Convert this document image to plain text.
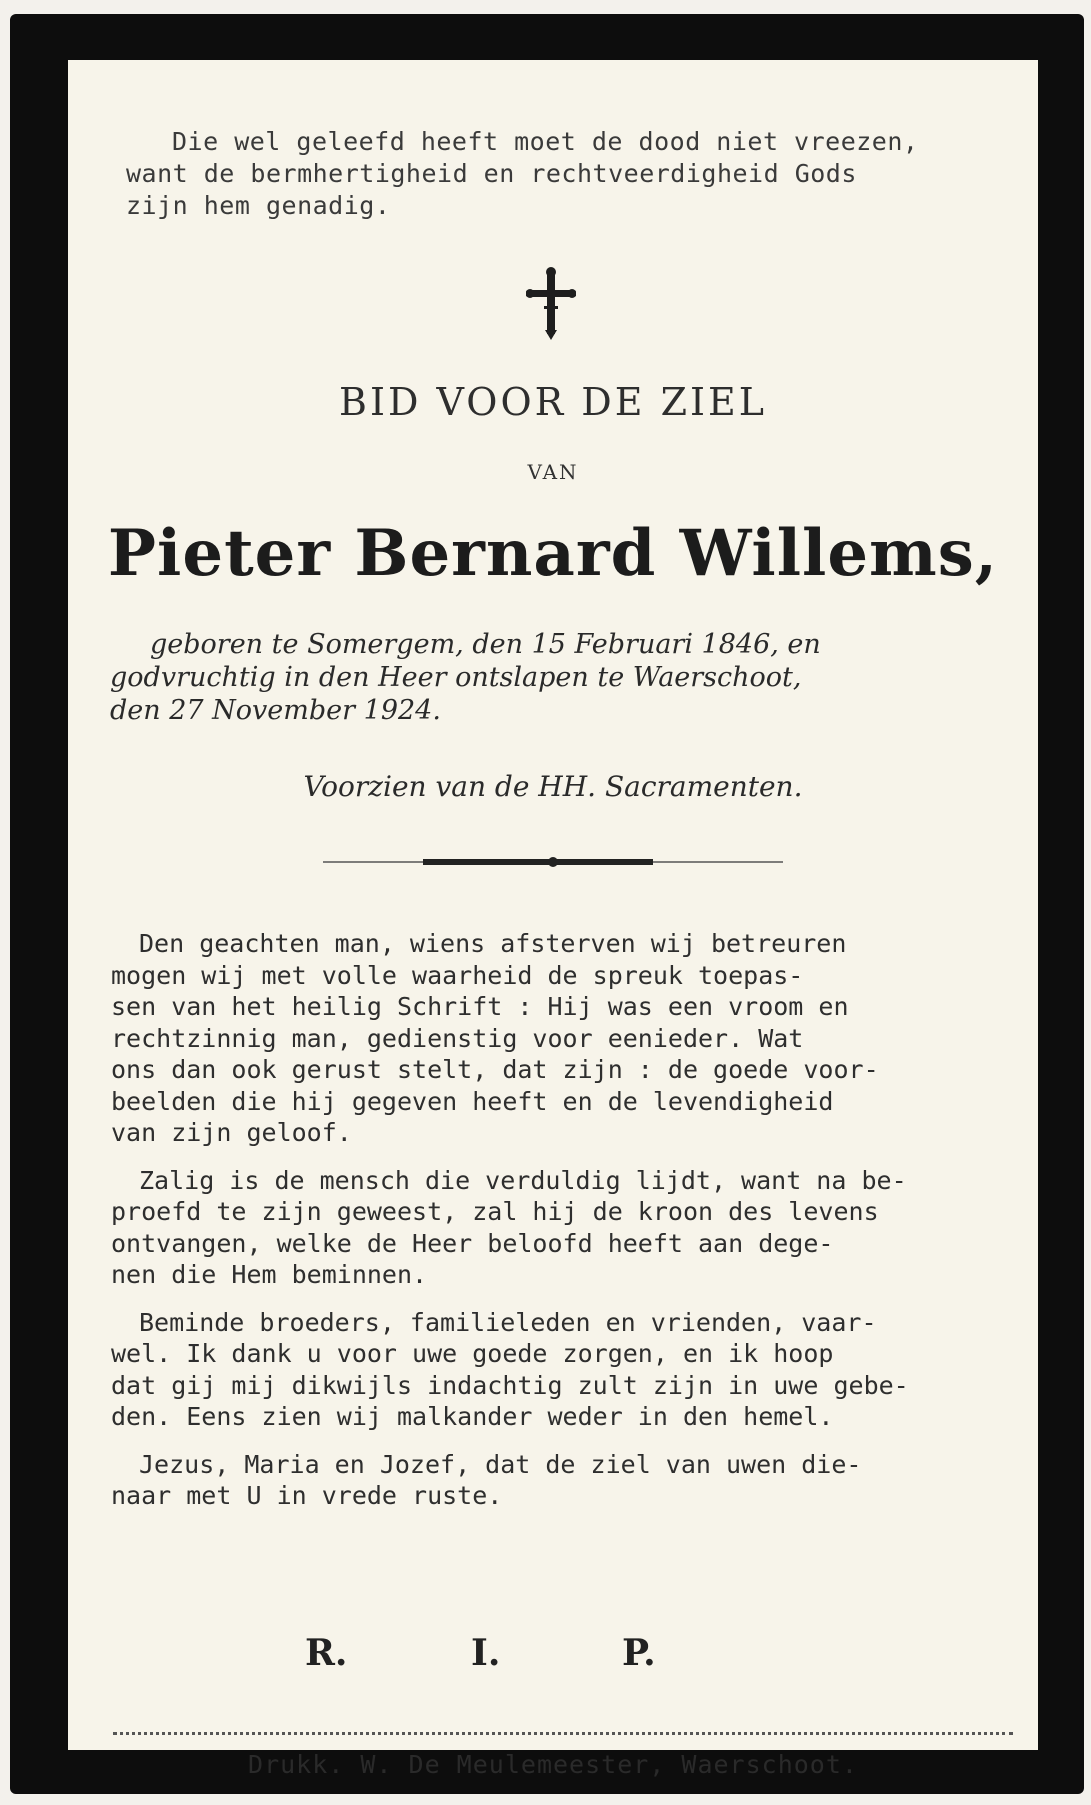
Die wel geleefd heeft moet de dood niet vreezen,
want de bermhertigheid en rechtveerdigheid Gods
zijn hem genadig.
BID VOOR DE ZIEL
VAN
Pieter Bernard Willems,
geboren te Somergem, den 15 Februari 1846, en
godvruchtig in den Heer ontslapen te Waerschoot,
den 27 November 1924.
Voorzien van de HH. Sacramenten.
Den geachten man, wiens afsterven wij betreuren
mogen wij met volle waarheid de spreuk toepas-
sen van het heilig Schrift : Hij was een vroom en
rechtzinnig man, gedienstig voor eenieder. Wat
ons dan ook gerust stelt, dat zijn : de goede voor-
beelden die hij gegeven heeft en de levendigheid
van zijn geloof.
Zalig is de mensch die verduldig lijdt, want na be-
proefd te zijn geweest, zal hij de kroon des levens
ontvangen, welke de Heer beloofd heeft aan dege-
nen die Hem beminnen.
Beminde broeders, familieleden en vrienden, vaar-
wel. Ik dank u voor uwe goede zorgen, en ik hoop
dat gij mij dikwijls indachtig zult zijn in uwe gebe-
den. Eens zien wij malkander weder in den hemel.
Jezus, Maria en Jozef, dat de ziel van uwen die-
naar met U in vrede ruste.
R.	I.	P.
Drukk. W. De Meulemeester, Waerschoot.
